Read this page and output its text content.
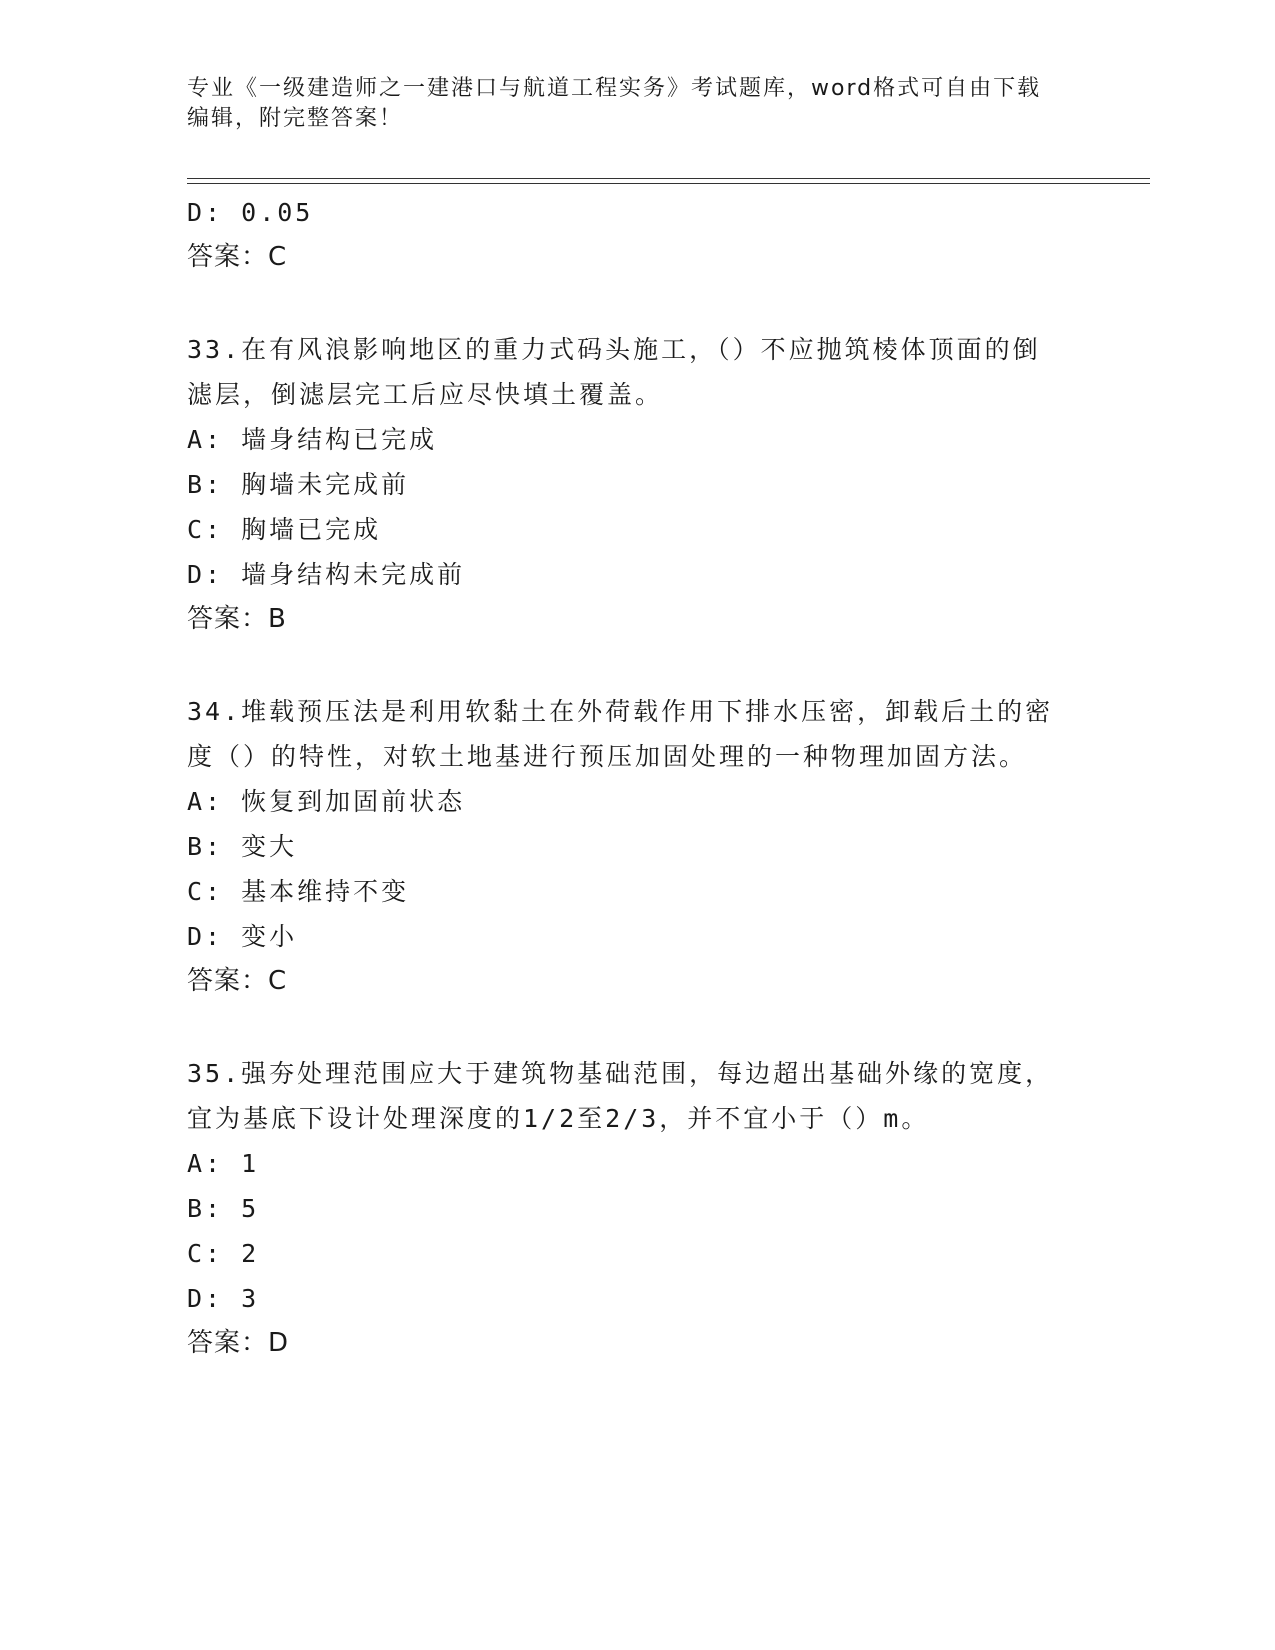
专业《一级建造师之一建港口与航道工程实务》考试题库，word格式可自由下载
编辑，附完整答案！
D: 0.05
答案：C
33.在有风浪影响地区的重力式码头施工，（）不应抛筑棱体顶面的倒
滤层，倒滤层完工后应尽快填土覆盖。
A: 墙身结构已完成
B: 胸墙未完成前
C: 胸墙已完成
D: 墙身结构未完成前
答案：B
34.堆载预压法是利用软黏土在外荷载作用下排水压密，卸载后土的密
度（）的特性，对软土地基进行预压加固处理的一种物理加固方法。
A: 恢复到加固前状态
B: 变大
C: 基本维持不变
D: 变小
答案：C
35.强夯处理范围应大于建筑物基础范围，每边超出基础外缘的宽度，
宜为基底下设计处理深度的1/2至2/3，并不宜小于（）m。
A: 1
B: 5
C: 2
D: 3
答案：D
